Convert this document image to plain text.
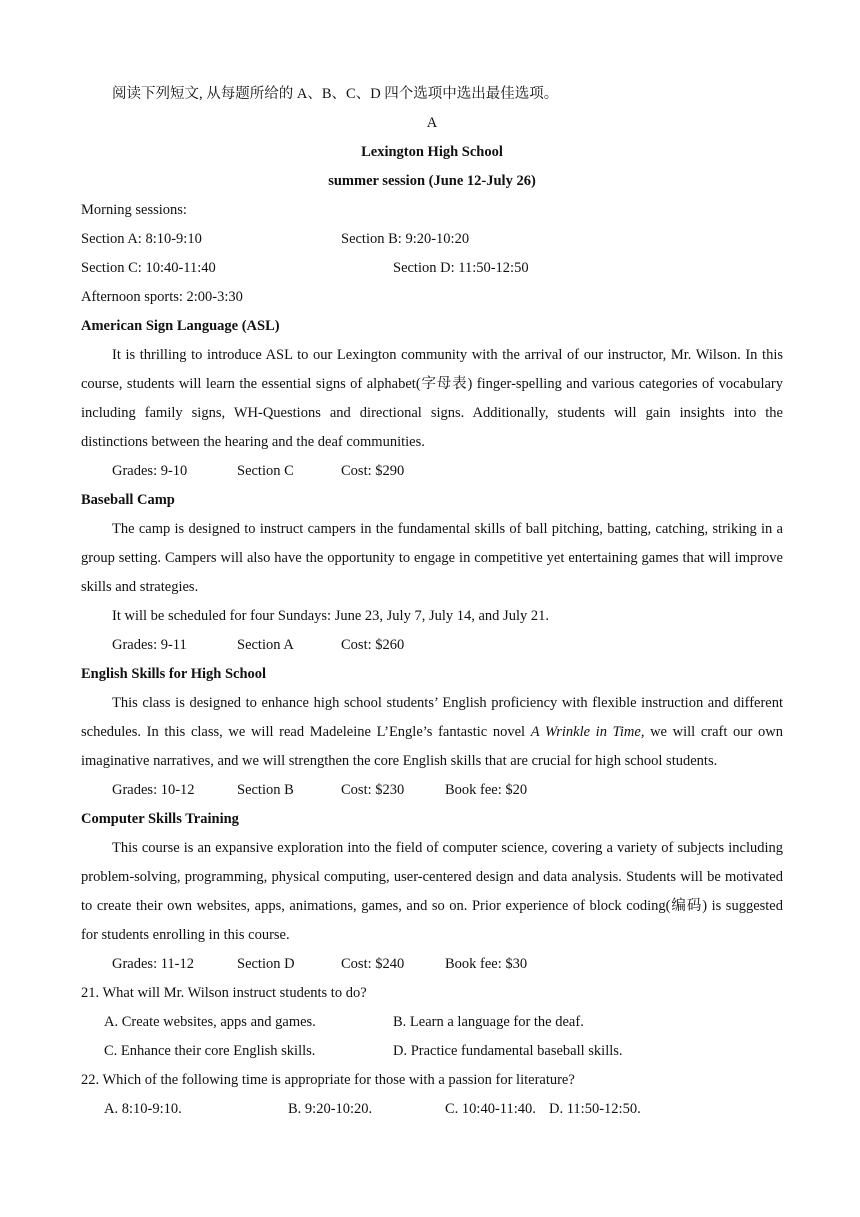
阅读下列短文, 从每题所给的 A、B、C、D 四个选项中选出最佳选项。
A
Lexington High School
summer session (June 12-July 26)
Morning sessions:
Section A: 8:10-9:10	Section B: 9:20-10:20
Section C: 10:40-11:40	Section D: 11:50-12:50
Afternoon sports: 2:00-3:30
American Sign Language (ASL)
It is thrilling to introduce ASL to our Lexington community with the arrival of our instructor, Mr. Wilson. In this course, students will learn the essential signs of alphabet(字母表) finger-spelling and various categories of vocabulary including family signs, WH-Questions and directional signs. Additionally, students will gain insights into the distinctions between the hearing and the deaf communities.
Grades: 9-10	Section C	Cost: $290
Baseball Camp
The camp is designed to instruct campers in the fundamental skills of ball pitching, batting, catching, striking in a group setting. Campers will also have the opportunity to engage in competitive yet entertaining games that will improve skills and strategies.
It will be scheduled for four Sundays: June 23, July 7, July 14, and July 21.
Grades: 9-11	Section A	Cost: $260
English Skills for High School
This class is designed to enhance high school students’ English proficiency with flexible instruction and different schedules. In this class, we will read Madeleine L’Engle’s fantastic novel A Wrinkle in Time, we will craft our own imaginative narratives, and we will strengthen the core English skills that are crucial for high school students.
Grades: 10-12	Section B	Cost: $230	Book fee: $20
Computer Skills Training
This course is an expansive exploration into the field of computer science, covering a variety of subjects including problem-solving, programming, physical computing, user-centered design and data analysis. Students will be motivated to create their own websites, apps, animations, games, and so on. Prior experience of block coding(编码) is suggested for students enrolling in this course.
Grades: 11-12	Section D	Cost: $240	Book fee: $30
21. What will Mr. Wilson instruct students to do?
A. Create websites, apps and games.	B. Learn a language for the deaf.
C. Enhance their core English skills.	D. Practice fundamental baseball skills.
22. Which of the following time is appropriate for those with a passion for literature?
A. 8:10-9:10.	B. 9:20-10:20.	C. 10:40-11:40. D. 11:50-12:50.
